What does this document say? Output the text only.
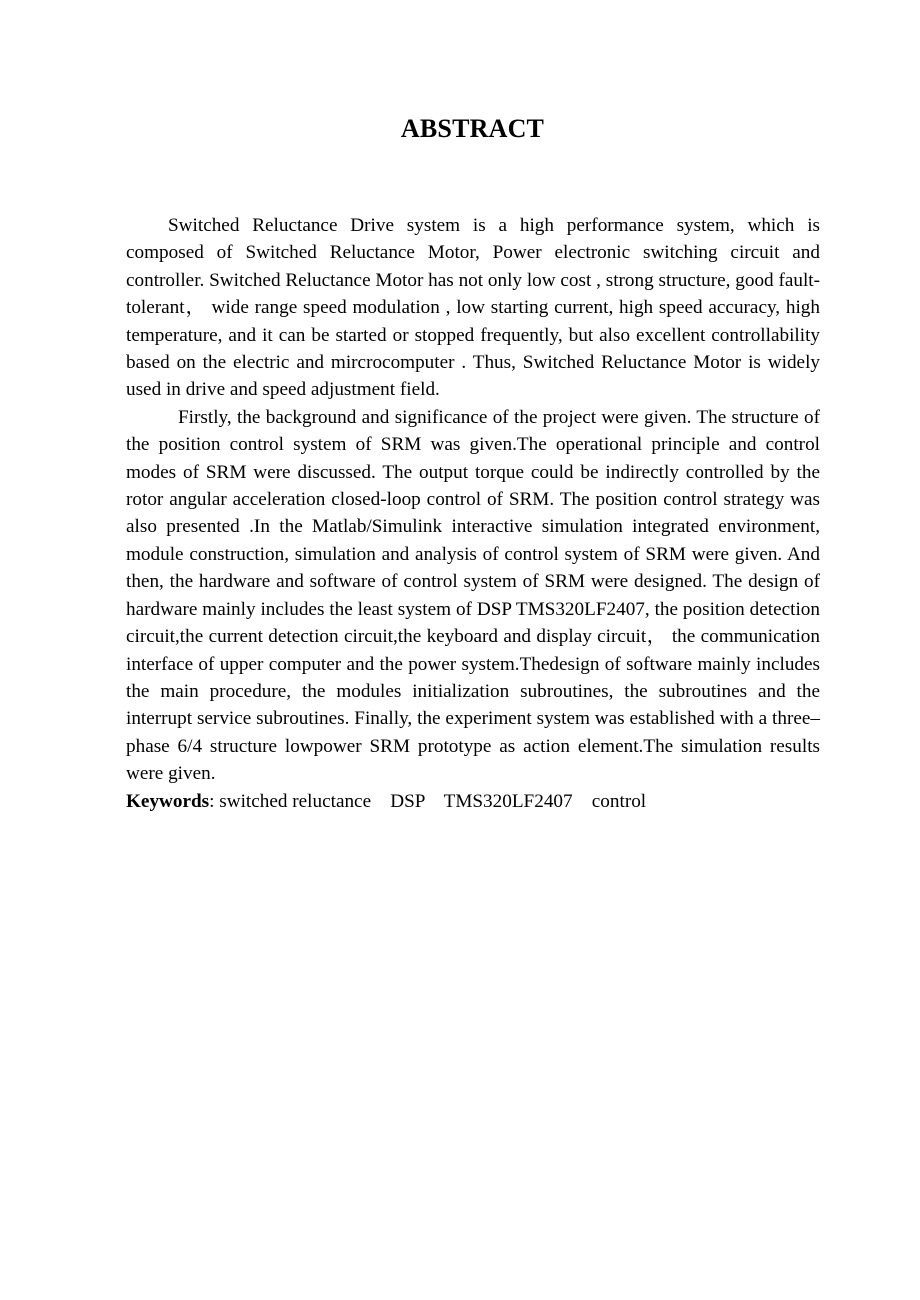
ABSTRACT

Switched Reluctance Drive system is a high performance system, which is composed of Switched Reluctance Motor, Power electronic switching circuit and controller. Switched Reluctance Motor has not only low cost , strong structure, good fault-tolerant， wide range speed modulation , low starting current, high speed accuracy, high temperature, and it can be started or stopped frequently, but also excellent controllability based on the electric and mircrocomputer . Thus, Switched Reluctance Motor is widely used in drive and speed adjustment field.

Firstly, the background and significance of the project were given. The structure of the position control system of SRM was given.The operational principle and control modes of SRM were discussed. The output torque could be indirectly controlled by the rotor angular acceleration closed-loop control of SRM. The position control strategy was also presented .In the Matlab/Simulink interactive simulation integrated environment, module construction, simulation and analysis of control system of SRM were given. And then, the hardware and software of control system of SRM were designed. The design of hardware mainly includes the least system of DSP TMS320LF2407, the position detection circuit,the current detection circuit,the keyboard and display circuit， the communication interface of upper computer and the power system.Thedesign of software mainly includes the main procedure, the modules initialization subroutines, the subroutines and the interrupt service subroutines. Finally, the experiment system was established with a three–phase 6/4 structure lowpower SRM prototype as action element.The simulation results were given.

Keywords: switched reluctance    DSP    TMS320LF2407    control
